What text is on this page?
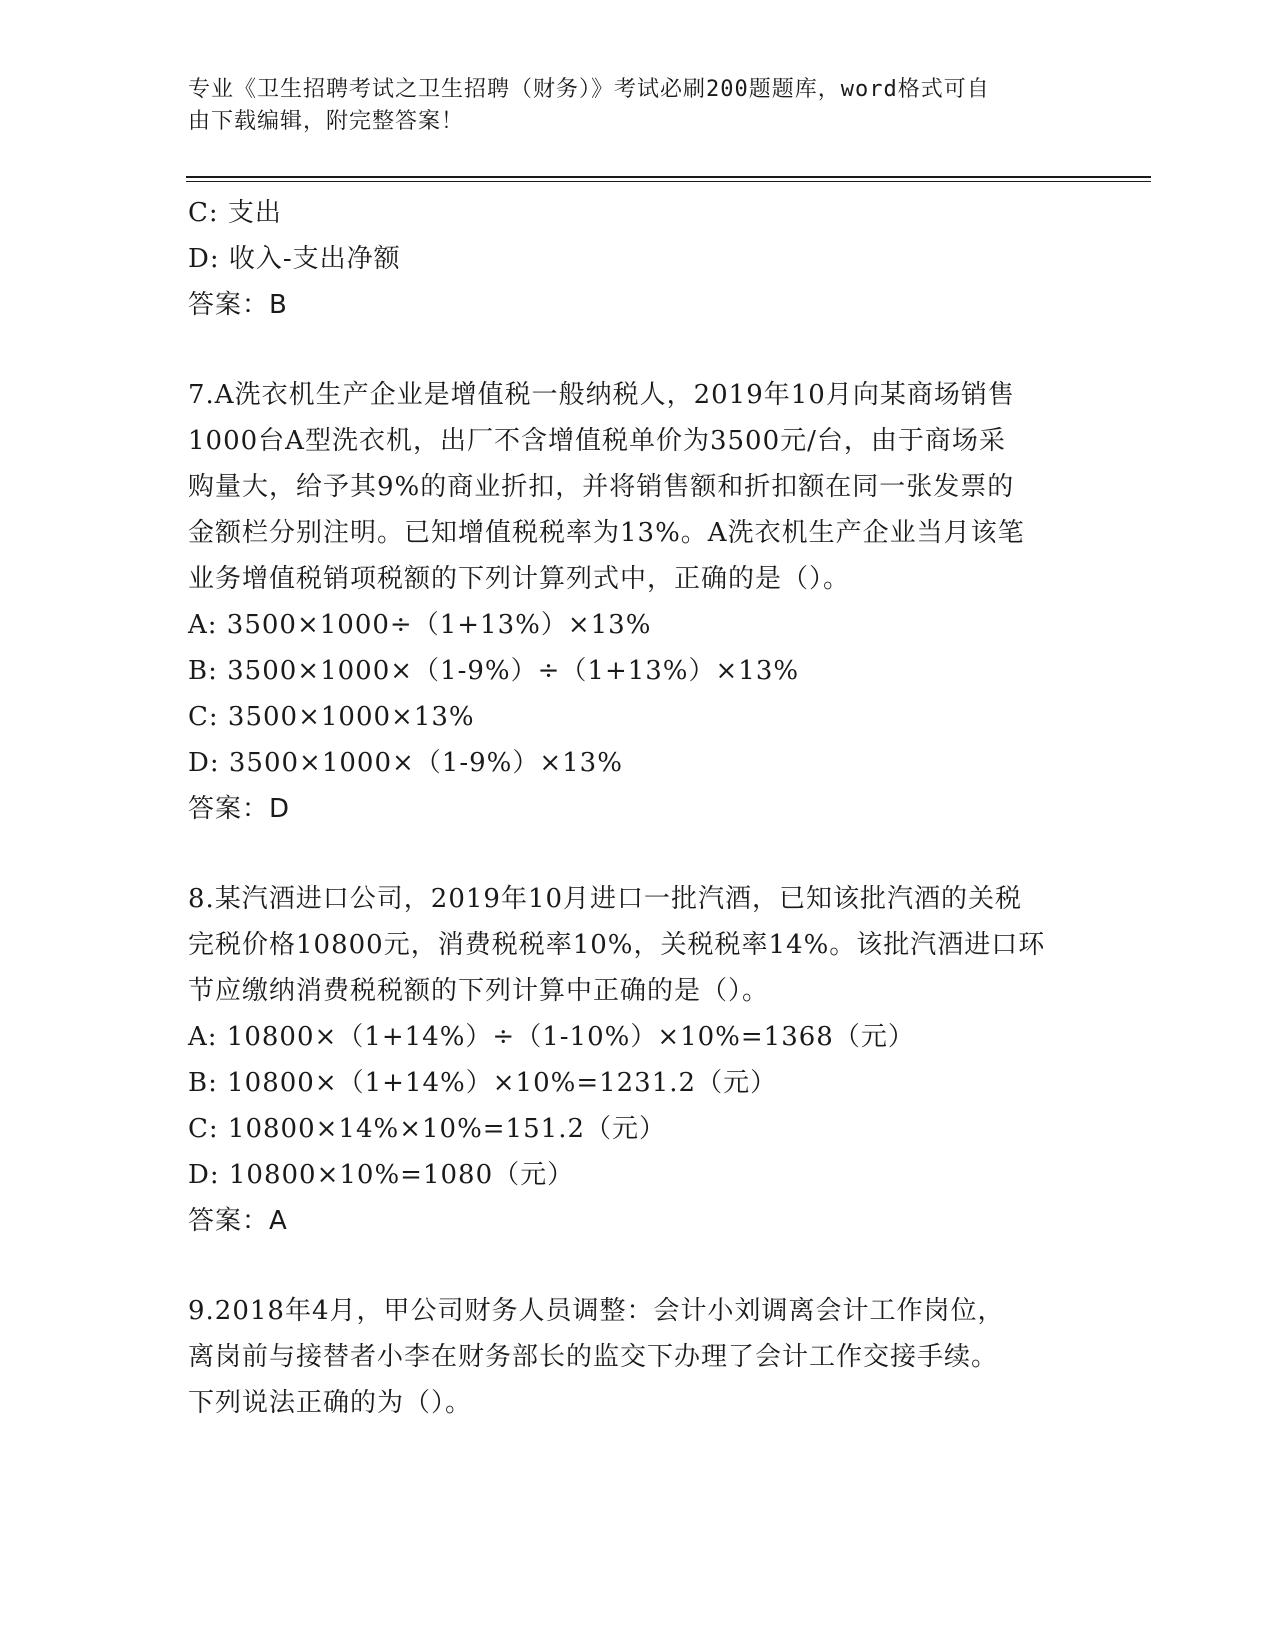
专业《卫生招聘考试之卫生招聘（财务）》考试必刷200题题库，word格式可自
由下载编辑，附完整答案！
C: 支出
D: 收入-支出净额
答案：B
7.A洗衣机生产企业是增值税一般纳税人，2019年10月向某商场销售
1000台A型洗衣机，出厂不含增值税单价为3500元/台，由于商场采
购量大，给予其9%的商业折扣，并将销售额和折扣额在同一张发票的
金额栏分别注明。已知增值税税率为13%。A洗衣机生产企业当月该笔
业务增值税销项税额的下列计算列式中，正确的是（）。
A: 3500×1000÷（1+13%）×13%
B: 3500×1000×（1-9%）÷（1+13%）×13%
C: 3500×1000×13%
D: 3500×1000×（1-9%）×13%
答案：D
8.某汽酒进口公司，2019年10月进口一批汽酒，已知该批汽酒的关税
完税价格10800元，消费税税率10%，关税税率14%。该批汽酒进口环
节应缴纳消费税税额的下列计算中正确的是（）。
A: 10800×（1+14%）÷（1-10%）×10%=1368（元）
B: 10800×（1+14%）×10%=1231.2（元）
C: 10800×14%×10%=151.2（元）
D: 10800×10%=1080（元）
答案：A
9.2018年4月，甲公司财务人员调整：会计小刘调离会计工作岗位，
离岗前与接替者小李在财务部长的监交下办理了会计工作交接手续。
下列说法正确的为（）。
